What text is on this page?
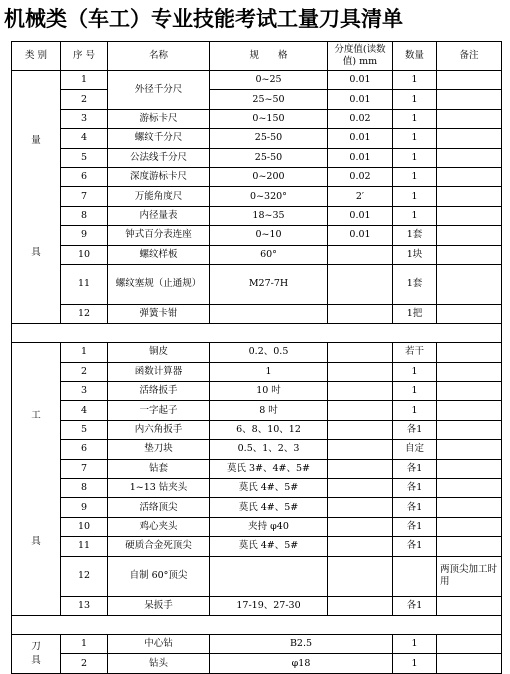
机械类（车工）专业技能考试工量刀具清单
类 别	序 号	名称	规　　格	分度值(读数值) mm	数量	备注
量

具	1	外径千分尺	0~25	0.01	1	
	2		25~50	0.01	1	
	3	游标卡尺	0~150	0.02	1	
	4	螺纹千分尺	25-50	0.01	1	
	5	公法线千分尺	25-50	0.01	1	
	6	深度游标卡尺	0~200	0.02	1	
	7	万能角度尺	0~320°	2′	1	
	8	内径量表	18~35	0.01	1	
	9	钟式百分表连座	0~10	0.01	1套	
	10	螺纹样板	60°		1块	
	11	螺纹塞规（止通规）	M27-7H		1套	
	12	弹簧卡钳			1把	

工

具	1	铜皮	0.2、0.5		若干	
	2	函数计算器	1		1	
	3	活络扳手	10 吋		1	
	4	一字起子	8 吋		1	
	5	内六角扳手	6、8、10、12		各1	
	6	垫刀块	0.5、1、2、3		自定	
	7	钻套	莫氏 3#、4#、5#		各1	
	8	1~13 钻夹头	莫氏 4#、5#		各1	
	9	活络顶尖	莫氏 4#、5#		各1	
	10	鸡心夹头	夹持 φ40		各1	
	11	硬质合金死顶尖	莫氏 4#、5#		各1	
	12	自制 60°顶尖				两顶尖加工时用
	13	呆扳手	17-19、27-30		各1	

刀
具	1	中心钻	B2.5		1	
	2	钻头	φ18		1	
